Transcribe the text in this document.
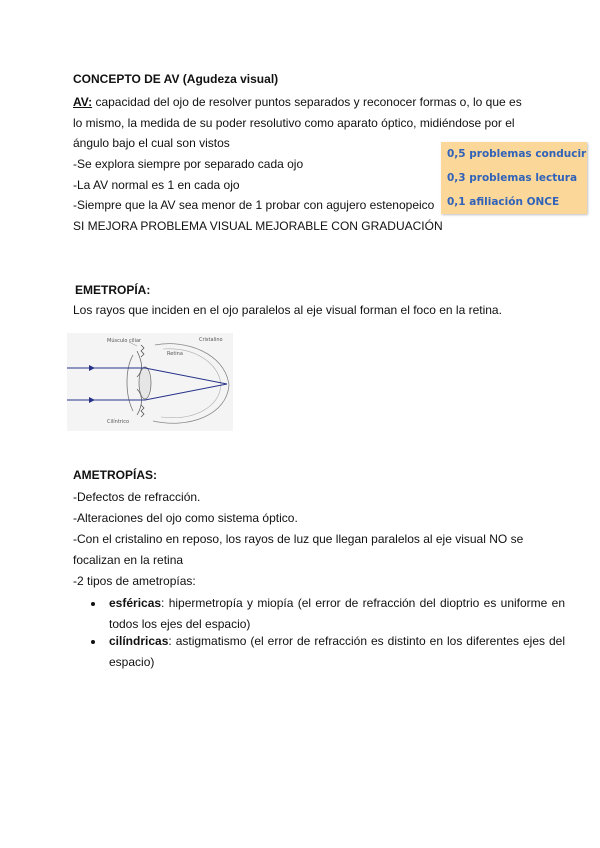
CONCEPTO DE AV (Agudeza visual)
AV: capacidad del ojo de resolver puntos separados y reconocer formas o, lo que es
lo mismo, la medida de su poder resolutivo como aparato óptico, midiéndose por el
ángulo bajo el cual son vistos
-Se explora siempre por separado cada ojo
-La AV normal es 1 en cada ojo
-Siempre que la AV sea menor de 1 probar con agujero estenopeico
SI MEJORA PROBLEMA VISUAL MEJORABLE CON GRADUACIÓN
0,5 problemas conducir
0,3 problemas lectura
0,1 afiliación ONCE
EMETROPÍA:
Los rayos que inciden en el ojo paralelos al eje visual forman el foco en la retina.
Músculo ciliar	Cristalino
Retina
Cilíntrico
AMETROPÍAS:
-Defectos de refracción.
-Alteraciones del ojo como sistema óptico.
-Con el cristalino en reposo, los rayos de luz que llegan paralelos al eje visual NO se
focalizan en la retina
-2 tipos de ametropías:
esféricas: hipermetropía y miopía (el error de refracción del dioptrio es uniforme en todos los ejes del espacio)
cilíndricas: astigmatismo (el error de refracción es distinto en los diferentes ejes del espacio)
